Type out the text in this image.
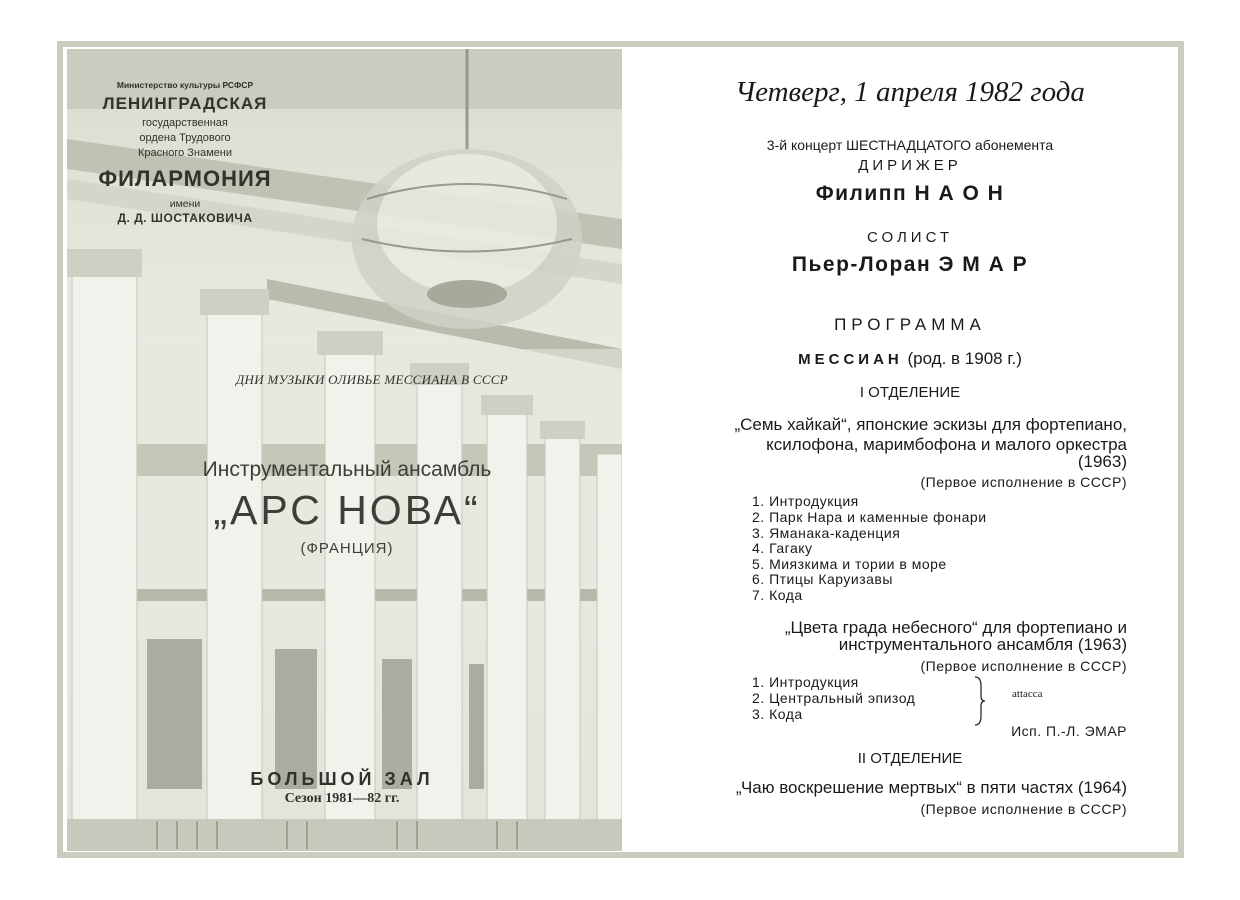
Министерство культуры РСФСР
ЛЕНИНГРАДСКАЯ
государственная
ордена Трудового
Красного Знамени
ФИЛАРМОНИЯ
имени
Д. Д. ШОСТАКОВИЧА
ДНИ МУЗЫКИ ОЛИВЬЕ МЕССИАНА В СССР
Инструментальный ансамбль
„АРС НОВА“
(ФРАНЦИЯ)
БОЛЬШОЙ ЗАЛ
Сезон 1981—82 гг.
Четверг, 1 апреля 1982 года
3-й концерт ШЕСТНАДЦАТОГО абонемента
ДИРИЖЕР
Филипп Н А О Н
СОЛИСТ
Пьер-Лоран Э М А Р
ПРОГРАММА
МЕССИАН (род. в 1908 г.)
I ОТДЕЛЕНИЕ
„Семь хайкай“, японские эскизы для фортепиано,
ксилофона, маримбофона и малого оркестра
(1963)
(Первое исполнение в СССР)
1. Интродукция
2. Парк Нара и каменные фонари
3. Яманака-каденция
4. Гагаку
5. Миязкима и тории в море
6. Птицы Каруизавы
7. Кода
„Цвета града небесного“ для фортепиано и
инструментального ансамбля (1963)
(Первое исполнение в СССР)
1. Интродукция
2. Центральный эпизод
3. Кода
attacca
Исп. П.-Л. ЭМАР
II ОТДЕЛЕНИЕ
„Чаю воскрешение мертвых“ в пяти частях (1964)
(Первое исполнение в СССР)
